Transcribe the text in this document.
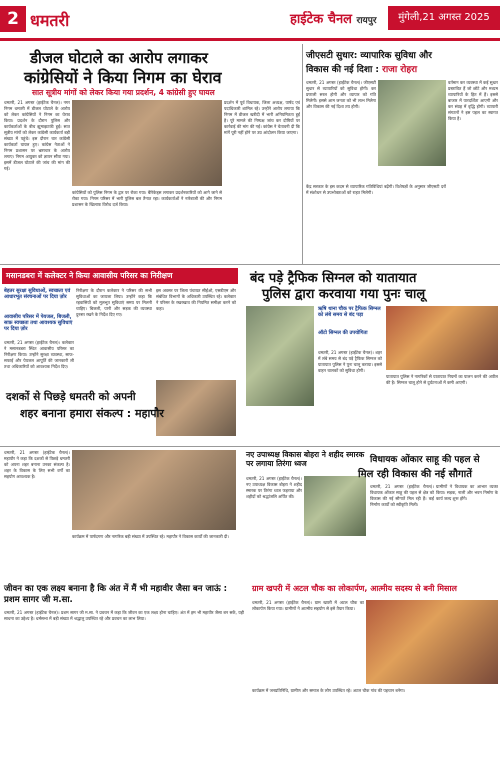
2 धमतरी	हाईटेक चैनल रायपुर	मुंगेली,21 अगस्त 2025
डीजल घोटाले का आरोप लगाकर
कांग्रेसियों ने किया निगम का घेराव
सात सूत्रीय मांगों को लेकर किया गया प्रदर्शन, 4 कांग्रेसी हुए घायल
धमतरी, 21 अगस्त (हाईटेक चैनल)। नगर निगम धमतरी में डीजल घोटाले के आरोप को लेकर कांग्रेसियों ने निगम का घेराव किया। प्रदर्शन के दौरान पुलिस और कार्यकर्ताओं के बीच झूमाझटकी हुई। सात सूत्रीय मांगों को लेकर कांग्रेसी कार्यकर्ता बड़ी संख्या में पहुंचे। इस दौरान चार कांग्रेसी कार्यकर्ता घायल हुए। कांग्रेस नेताओं ने निगम प्रशासन पर भ्रष्टाचार के आरोप लगाए। निगम आयुक्त को ज्ञापन सौंपा गया। इसमें डीजल घोटाले की जांच की मांग की गई।
कांग्रेसियों को पुलिस निगम के द्वार पर रोका गया। बैरिकेड्स लगाकर प्रदर्शनकारियों को आगे जाने से रोका गया। निगम परिसर में भारी पुलिस बल तैनात रहा। कार्यकर्ताओं ने नारेबाजी की और निगम प्रशासन के खिलाफ विरोध दर्ज किया।
प्रदर्शन में पूर्व विधायक, जिला अध्यक्ष, पार्षद एवं पदाधिकारी शामिल रहे। उन्होंने आरोप लगाया कि निगम में डीजल खरीदी में भारी अनियमितता हुई है। पूरे मामले की निष्पक्ष जांच कर दोषियों पर कार्रवाई की मांग की गई। कांग्रेस ने चेतावनी दी कि मांगें पूरी नहीं होने पर उग्र आंदोलन किया जाएगा।
जीएसटी सुधार: व्यापारिक सुविधा और
विकास की नई दिशा : राजा रोहरा
धमतरी, 21 अगस्त (हाईटेक चैनल)। जीएसटी सुधार से व्यापारियों को सुविधा होगी। कर प्रणाली सरल होगी और व्यापार को गति मिलेगी। इससे आम जनता को भी लाभ मिलेगा और विकास की नई दिशा तय होगी।
वर्तमान कर व्यवस्था में कई सुधार प्रस्तावित हैं जो छोटे और मध्यम व्यापारियों के हित में हैं। इससे बाजार में पारदर्शिता आएगी और कर संग्रह में वृद्धि होगी। व्यापारी संगठनों ने इस पहल का स्वागत किया है।
केंद्र सरकार के इस कदम से व्यापारिक गतिविधियां बढ़ेंगी। विशेषज्ञों के अनुसार जीएसटी दरों में संशोधन से उपभोक्ताओं को राहत मिलेगी।
मसानडबरा में कलेक्टर ने किया आवासीय परिसर का निरीक्षण
बेहतर सुरक्षा सुविधाओं, स्वच्छता एवं आधारभूत संरचनाओं पर दिया ज़ोर
आवासीय परिसर में पेयजल, बिजली, साफ़ स्वच्छता तथा आवश्यक सुविधाएं पर दिया ज़ोर
धमतरी, 21 अगस्त (हाईटेक चैनल)। कलेक्टर ने मसानडबरा स्थित आवासीय परिसर का निरीक्षण किया। उन्होंने सुरक्षा व्यवस्था, साफ-सफाई और पेयजल आपूर्ति की जानकारी ली तथा अधिकारियों को आवश्यक निर्देश दिए।
निरीक्षण के दौरान कलेक्टर ने परिसर की सभी सुविधाओं का जायजा लिया। उन्होंने कहा कि रहवासियों को मूलभूत सुविधाएं समय पर मिलनी चाहिए। बिजली, पानी और सड़क की व्यवस्था दुरुस्त रखने के निर्देश दिए गए।
इस अवसर पर जिला पंचायत सीईओ, एसडीएम और संबंधित विभागों के अधिकारी उपस्थित रहे। कलेक्टर ने परिसर के रखरखाव की नियमित समीक्षा करने को कहा।
बंद पड़े ट्रैफिक सिग्नल को यातायात
पुलिस द्वारा करवाया गया पुनः चालू
ऋषि थाना चौक पर ट्रैफिक सिग्नल को लंबे समय से बंद पड़ा
ऑटो सिग्नल की उपयोगिता
धमतरी, 21 अगस्त (हाईटेक चैनल)। शहर में लंबे समय से बंद पड़े ट्रैफिक सिग्नल को यातायात पुलिस ने पुनः चालू कराया। इससे वाहन चालकों को सुविधा होगी।
यातायात पुलिस ने नागरिकों से यातायात नियमों का पालन करने की अपील की है। सिग्नल चालू होने से दुर्घटनाओं में कमी आएगी।
दशकों से पिछड़े धमतरी को अपनी
शहर बनाना हमारा संकल्प : महापौर
धमतरी, 21 अगस्त (हाईटेक चैनल)। महापौर ने कहा कि दशकों से पिछड़े धमतरी को अपना शहर बनाना उनका संकल्प है। शहर के विकास के लिए सभी वर्गों का सहयोग आवश्यक है।
कार्यक्रम में पार्षदगण और नागरिक बड़ी संख्या में उपस्थित रहे। महापौर ने विकास कार्यों की जानकारी दी।
नए उपाध्यक्ष विकास बोहरा ने शहीद स्मारक पर लगाया तिरंगा ध्वज
धमतरी, 21 अगस्त (हाईटेक चैनल)। नए उपाध्यक्ष विकास बोहरा ने शहीद स्मारक पर तिरंगा ध्वज फहराया और शहीदों को श्रद्धांजलि अर्पित की।
विधायक ओंकार साहू की पहल से
मिल रही विकास की नई सौगातें
धमतरी, 21 अगस्त (हाईटेक चैनल)। विधायक ओंकार साहू की पहल से क्षेत्र को विकास की नई सौगातें मिल रही हैं। कई निर्माण कार्यों को स्वीकृति मिली।
ग्रामीणों ने विधायक का आभार व्यक्त किया। सड़क, नाली और भवन निर्माण के कार्य जल्द शुरू होंगे।
जीवन का एक लक्ष्य बनाना है कि अंत में मैं भी महावीर जैसा बन जाऊं : प्रशम सागर जी म.सा.
धमतरी, 21 अगस्त (हाईटेक चैनल)। प्रशम सागर जी म.सा. ने प्रवचन में कहा कि जीवन का एक लक्ष्य होना चाहिए। अंत में हम भी महावीर जैसा बन सकें, यही साधना का उद्देश्य है। धर्मसभा में बड़ी संख्या में श्रद्धालु उपस्थित रहे और प्रवचन का लाभ लिया।
ग्राम खपरी में अटल चौक का लोकार्पण, आत्मीय सदस्य से बनी मिसाल
धमतरी, 21 अगस्त (हाईटेक चैनल)। ग्राम खपरी में अटल चौक का लोकार्पण किया गया। ग्रामीणों ने आत्मीय सहयोग से इसे तैयार किया।
कार्यक्रम में जनप्रतिनिधि, ग्रामीण और समाज के लोग उपस्थित रहे। अटल चौक गांव की पहचान बनेगा।
